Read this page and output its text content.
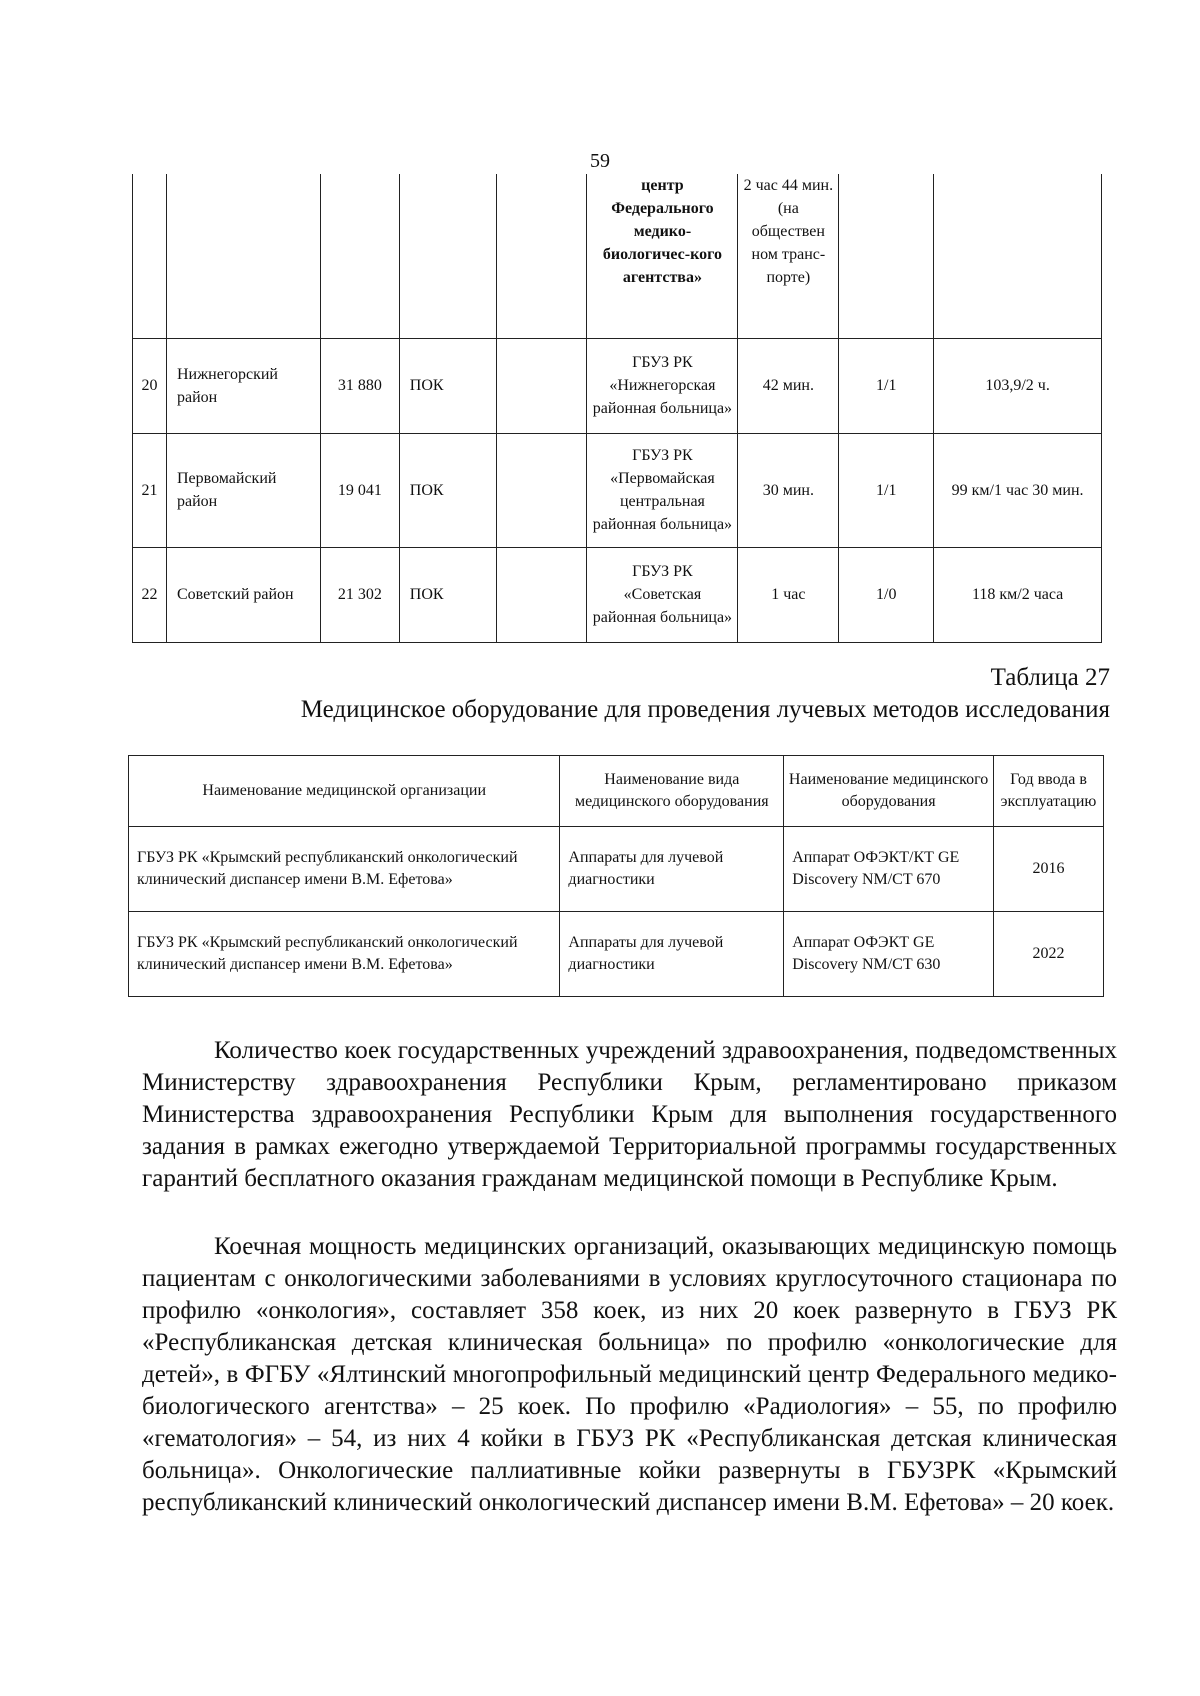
59
					центр Федерального медико-биологичес-кого агентства»	2 час 44 мин. (на обществен ном транс-порте)		
20	Нижнегорский район	31 880	ПОК		ГБУЗ РК «Нижнегорская районная больница»	42 мин.	1/1	103,9/2 ч.
21	Первомайский район	19 041	ПОК		ГБУЗ РК «Первомайская центральная районная больница»	30 мин.	1/1	99 км/1 час 30 мин.
22	Советский район	21 302	ПОК		ГБУЗ РК «Советская районная больница»	1 час	1/0	118 км/2 часа
Таблица 27
Медицинское оборудование для проведения лучевых методов исследования
Наименование медицинской организации	Наименование вида медицинского оборудования	Наименование медицинского оборудования	Год ввода в эксплуатацию
ГБУЗ РК «Крымский республиканский онкологический клинический диспансер имени В.М. Ефетова»	Аппараты для лучевой диагностики	Аппарат ОФЭКТ/КТ GE Discovery NM/CT 670	2016
ГБУЗ РК «Крымский республиканский онкологический клинический диспансер имени В.М. Ефетова»	Аппараты для лучевой диагностики	Аппарат ОФЭКТ GE Discovery NM/CT 630	2022

Количество коек государственных учреждений здравоохранения, подведомственных Министерству здравоохранения Республики Крым, регламентировано приказом Министерства здравоохранения Республики Крым для выполнения государственного задания в рамках ежегодно утверждаемой Территориальной программы государственных гарантий бесплатного оказания гражданам медицинской помощи в Республике Крым.

Коечная мощность медицинских организаций, оказывающих медицинскую помощь пациентам с онкологическими заболеваниями в условиях круглосуточного стационара по профилю «онкология», составляет 358 коек, из них 20 коек развернуто в ГБУЗ РК «Республиканская детская клиническая больница» по профилю «онкологические для детей», в ФГБУ «Ялтинский многопрофильный медицинский центр Федерального медико-биологического агентства» – 25 коек. По профилю «Радиология» – 55, по профилю «гематология» – 54, из них 4 койки в ГБУЗ РК «Республиканская детская клиническая больница». Онкологические паллиативные койки развернуты в ГБУЗРК «Крымский республиканский клинический онкологический диспансер имени В.М. Ефетова» – 20 коек.
